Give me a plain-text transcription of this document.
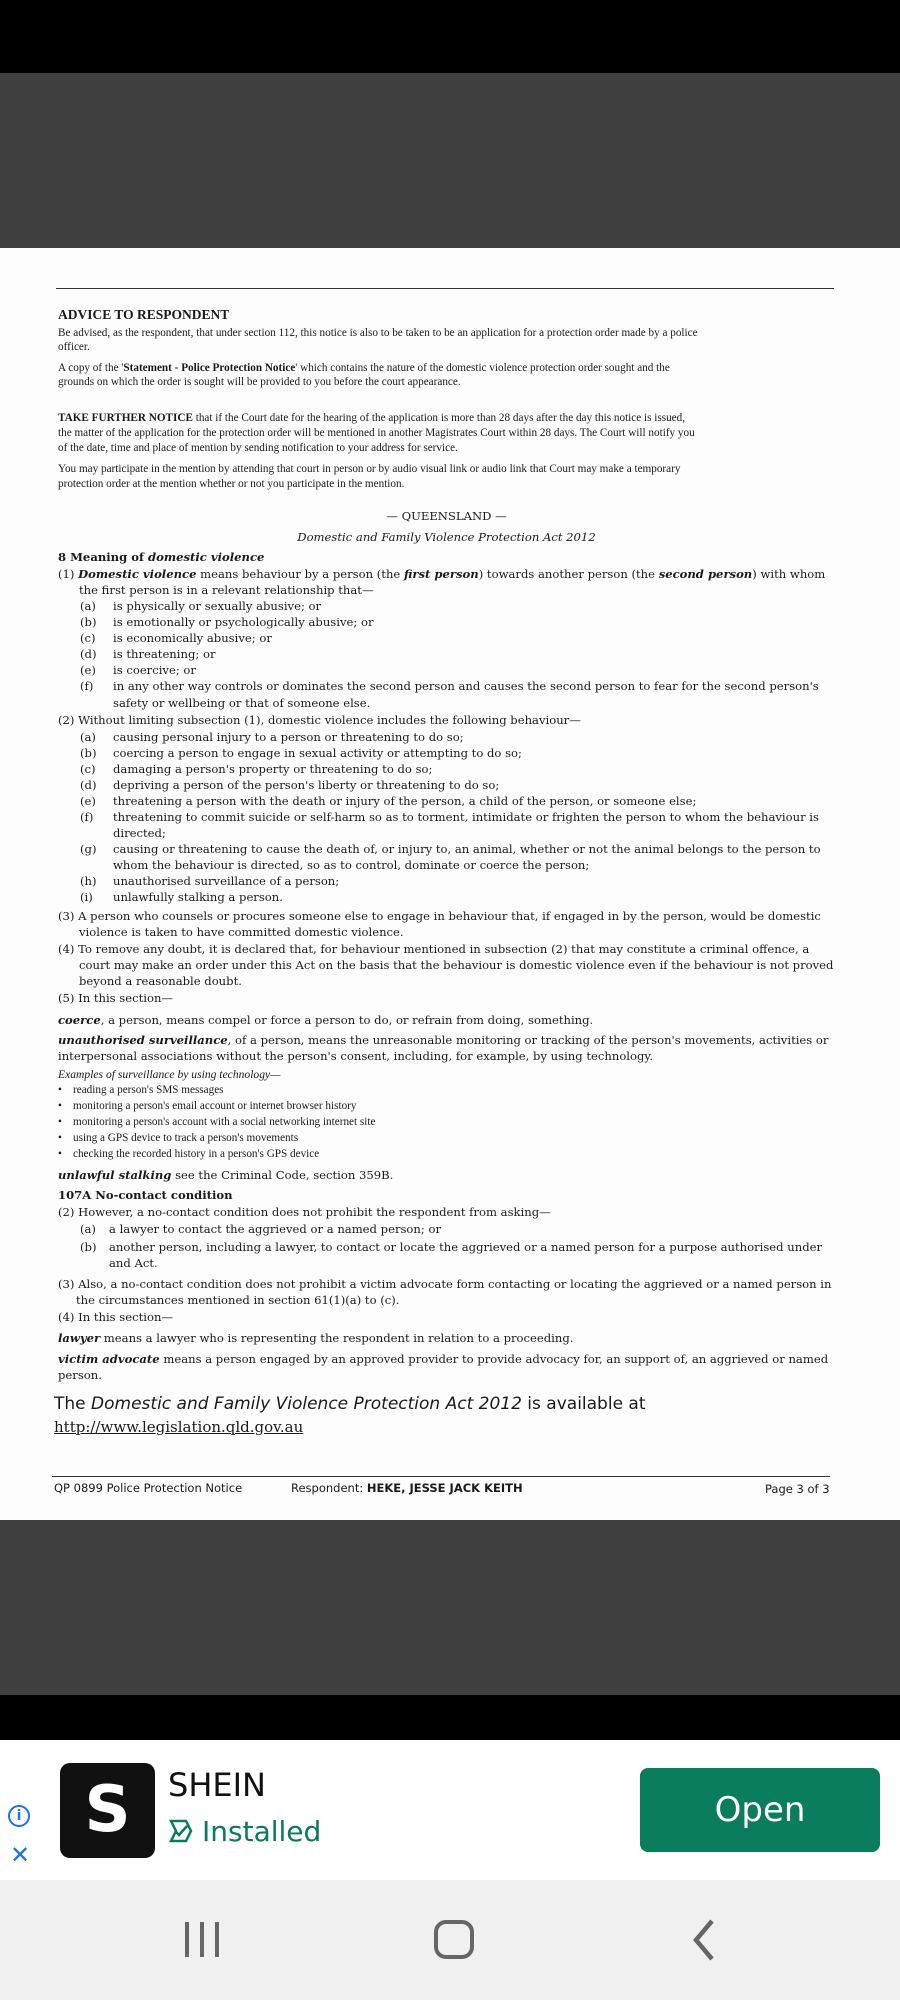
ADVICE TO RESPONDENT
Be advised, as the respondent, that under section 112, this notice is also to be taken to be an application for a protection order made by a police
officer.
A copy of the 'Statement - Police Protection Notice' which contains the nature of the domestic violence protection order sought and the
grounds on which the order is sought will be provided to you before the court appearance.
TAKE FURTHER NOTICE that if the Court date for the hearing of the application is more than 28 days after the day this notice is issued,
the matter of the application for the protection order will be mentioned in another Magistrates Court within 28 days. The Court will notify you
of the date, time and place of mention by sending notification to your address for service.
You may participate in the mention by attending that court in person or by audio visual link or audio link that Court may make a temporary
protection order at the mention whether or not you participate in the mention.
— QUEENSLAND —
Domestic and Family Violence Protection Act 2012
8 Meaning of domestic violence
(1) Domestic violence means behaviour by a person (the first person) towards another person (the second person) with whom
the first person is in a relevant relationship that—
(a) is physically or sexually abusive; or
(b) is emotionally or psychologically abusive; or
(c) is economically abusive; or
(d) is threatening; or
(e) is coercive; or
(f) in any other way controls or dominates the second person and causes the second person to fear for the second person's
safety or wellbeing or that of someone else.
(2) Without limiting subsection (1), domestic violence includes the following behaviour—
(a) causing personal injury to a person or threatening to do so;
(b) coercing a person to engage in sexual activity or attempting to do so;
(c) damaging a person's property or threatening to do so;
(d) depriving a person of the person's liberty or threatening to do so;
(e) threatening a person with the death or injury of the person, a child of the person, or someone else;
(f) threatening to commit suicide or self-harm so as to torment, intimidate or frighten the person to whom the behaviour is
directed;
(g) causing or threatening to cause the death of, or injury to, an animal, whether or not the animal belongs to the person to
whom the behaviour is directed, so as to control, dominate or coerce the person;
(h) unauthorised surveillance of a person;
(i) unlawfully stalking a person.
(3) A person who counsels or procures someone else to engage in behaviour that, if engaged in by the person, would be domestic
violence is taken to have committed domestic violence.
(4) To remove any doubt, it is declared that, for behaviour mentioned in subsection (2) that may constitute a criminal offence, a
court may make an order under this Act on the basis that the behaviour is domestic violence even if the behaviour is not proved
beyond a reasonable doubt.
(5) In this section—
coerce, a person, means compel or force a person to do, or refrain from doing, something.
unauthorised surveillance, of a person, means the unreasonable monitoring or tracking of the person's movements, activities or
interpersonal associations without the person's consent, including, for example, by using technology.
Examples of surveillance by using technology—
• reading a person's SMS messages
• monitoring a person's email account or internet browser history
• monitoring a person's account with a social networking internet site
• using a GPS device to track a person's movements
• checking the recorded history in a person's GPS device
unlawful stalking see the Criminal Code, section 359B.
107A No-contact condition
(2) However, a no-contact condition does not prohibit the respondent from asking—
(a) a lawyer to contact the aggrieved or a named person; or
(b) another person, including a lawyer, to contact or locate the aggrieved or a named person for a purpose authorised under
and Act.
(3) Also, a no-contact condition does not prohibit a victim advocate form contacting or locating the aggrieved or a named person in
the circumstances mentioned in section 61(1)(a) to (c).
(4) In this section—
lawyer means a lawyer who is representing the respondent in relation to a proceeding.
victim advocate means a person engaged by an approved provider to provide advocacy for, an support of, an aggrieved or named
person.
The Domestic and Family Violence Protection Act 2012 is available at
http://www.legislation.qld.gov.au
QP 0899 Police Protection Notice	Respondent: HEKE, JESSE JACK KEITH	Page 3 of 3
i
✕
S	SHEIN
Installed
Open
